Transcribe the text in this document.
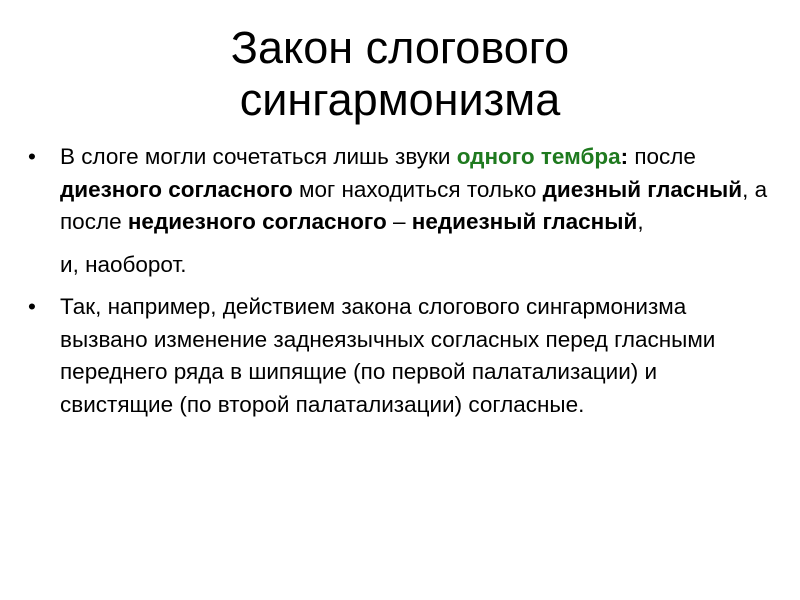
Закон слогового
сингармонизма
•	В слоге могли сочетаться лишь звуки одного тембра: после диезного согласного мог находиться только диезный гласный, а после недиезного согласного – недиезный гласный,
и, наоборот.
•	Так, например, действием закона слогового сингармонизма вызвано изменение заднеязычных согласных перед гласными переднего ряда в шипящие (по первой палатализации) и свистящие (по второй палатализации) согласные.
